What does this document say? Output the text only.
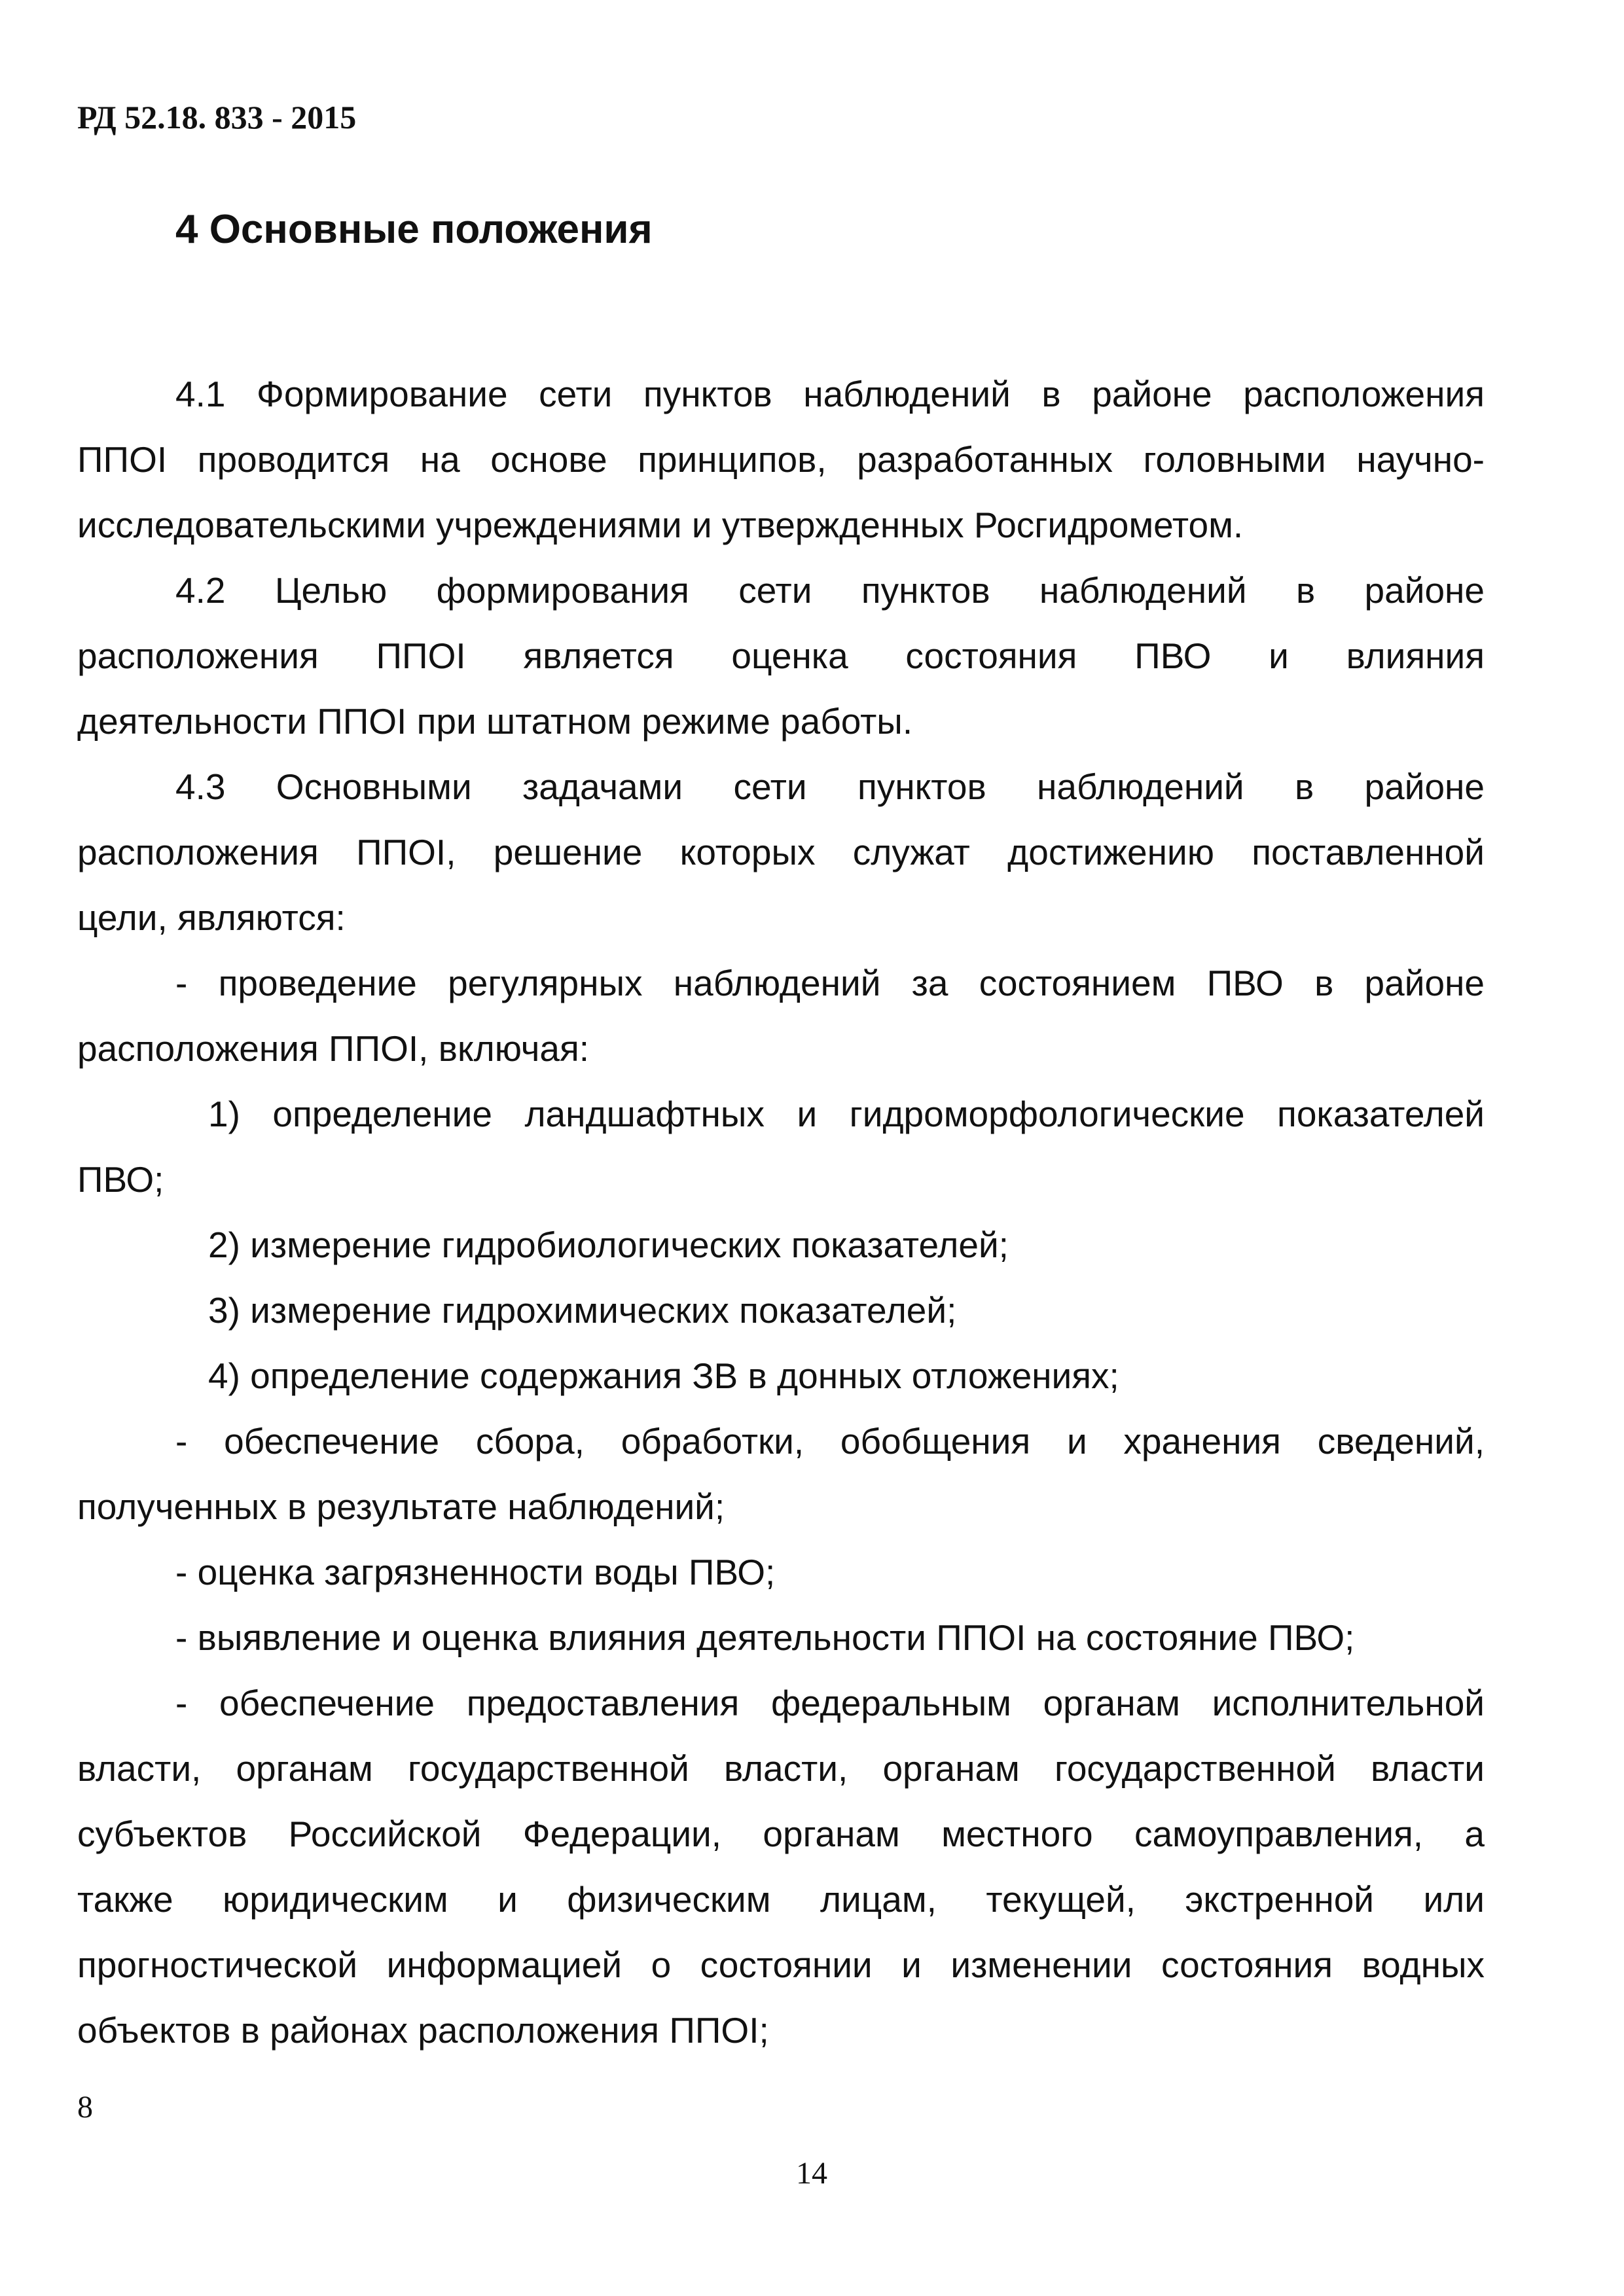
РД 52.18. 833 - 2015
4 Основные положения

4.1 Формирование сети пунктов наблюдений в районе расположения
ППОI проводится на основе принципов, разработанных головными научно-
исследовательскими учреждениями и утвержденных Росгидрометом.

4.2 Целью формирования сети пунктов наблюдений в районе
расположения ППОI является оценка состояния ПВО и влияния
деятельности ППОI при штатном режиме работы.

4.3 Основными задачами сети пунктов наблюдений в районе
расположения ППОI, решение которых служат достижению поставленной
цели, являются:

- проведение регулярных наблюдений за состоянием ПВО в районе
расположения ППОI, включая:

1) определение ландшафтных и гидроморфологические показателей
ПВО;

2) измерение гидробиологических показателей;

3) измерение гидрохимических показателей;

4) определение содержания ЗВ в донных отложениях;

- обеспечение сбора, обработки, обобщения и хранения сведений,
полученных в результате наблюдений;

- оценка загрязненности воды ПВО;

- выявление и оценка влияния деятельности ППОI на состояние ПВО;

- обеспечение предоставления федеральным органам исполнительной
власти, органам государственной власти, органам государственной власти
субъектов Российской Федерации, органам местного самоуправления, а
также юридическим и физическим лицам, текущей, экстренной или
прогностической информацией о состоянии и изменении состояния водных
объектов в районах расположения ППОI;

8
14
